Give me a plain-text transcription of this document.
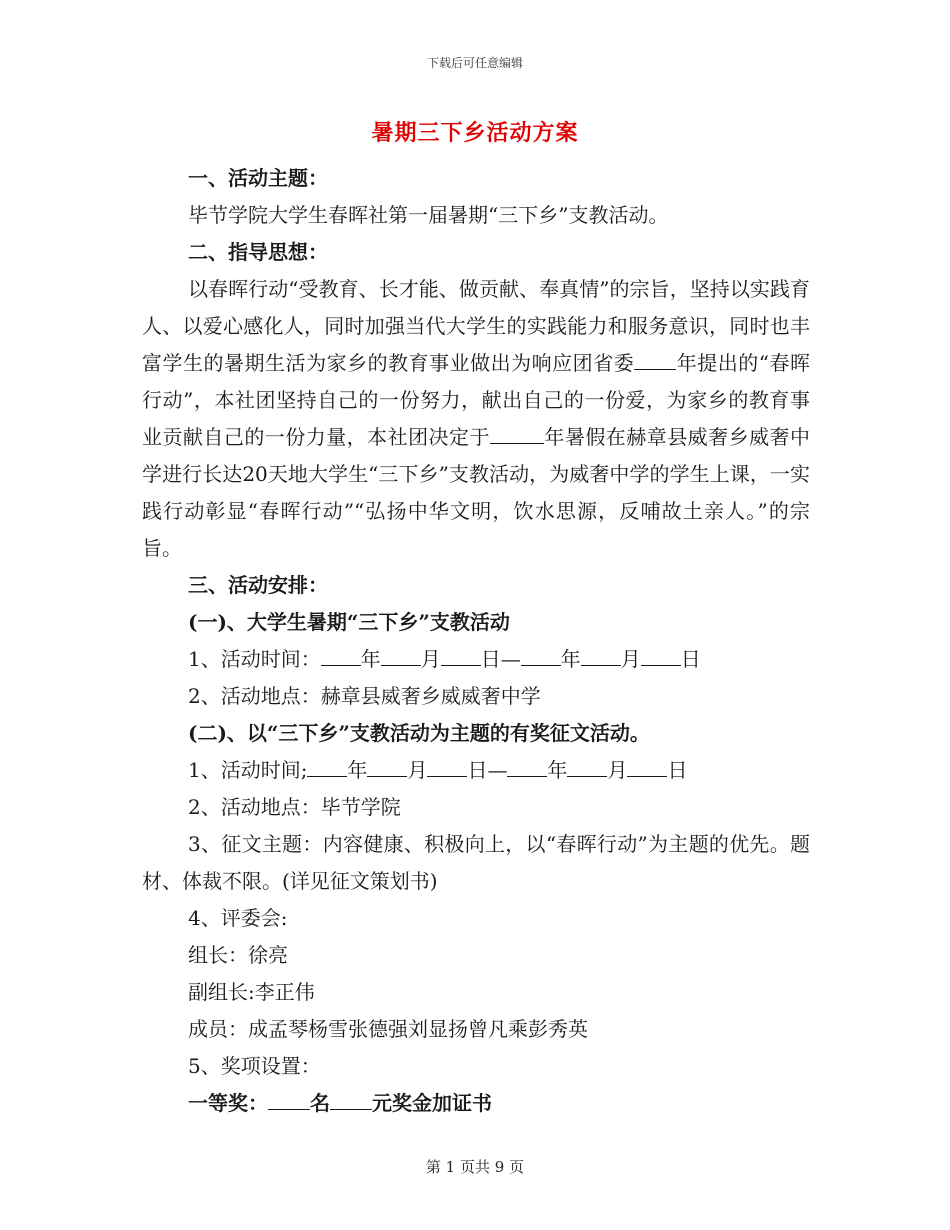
下载后可任意编辑
暑期三下乡活动方案

一、活动主题：

毕节学院大学生春晖社第一届暑期“三下乡”支教活动。

二、指导思想：

以春晖行动“受教育、长才能、做贡献、奉真情”的宗旨，坚持以实践育人、以爱心感化人，同时加强当代大学生的实践能力和服务意识，同时也丰富学生的暑期生活为家乡的教育事业做出为响应团省委 年提出的“春晖行动”，本社团坚持自己的一份努力，献出自己的一份爱，为家乡的教育事业贡献自己的一份力量，本社团决定于	年暑假在赫章县威奢乡威奢中学进行长达20天地大学生“三下乡”支教活动，为威奢中学的学生上课，一实践行动彰显“春晖行动”“弘扬中华文明，饮水思源，反哺故土亲人。”的宗旨。

三、活动安排：

(一)、大学生暑期“三下乡”支教活动

1、活动时间： 年 月 日— 年 月 日

2、活动地点：赫章县威奢乡威威奢中学

(二)、以“三下乡”支教活动为主题的有奖征文活动。

1、活动时间; 年 月 日— 年 月 日

2、活动地点：毕节学院

3、征文主题：内容健康、积极向上，以“春晖行动”为主题的优先。题材、体裁不限。(详见征文策划书)

4、评委会:

组长：徐亮

副组长:李正伟

成员：成孟琴杨雪张德强刘显扬曾凡乘彭秀英

5、奖项设置：

一等奖： 名 元奖金加证书

第 1 页共 9 页
